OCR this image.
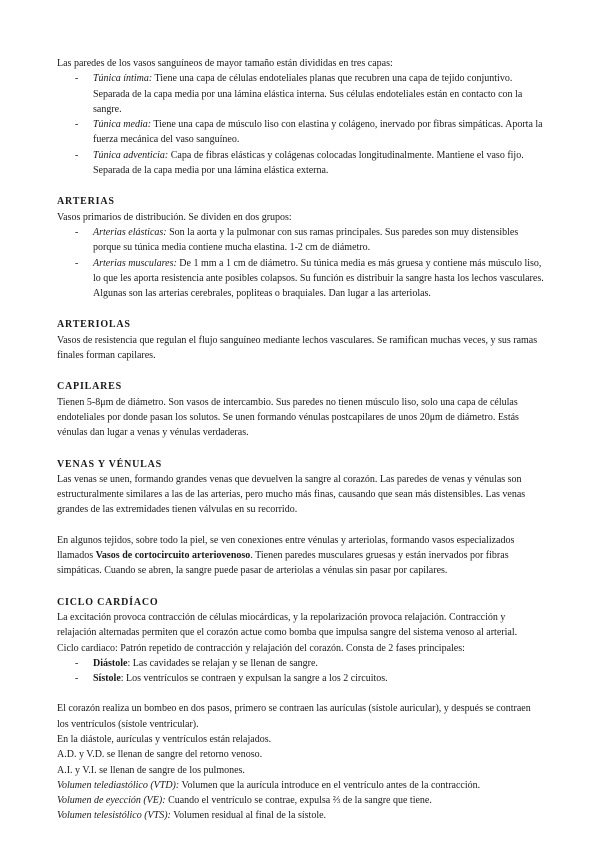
Las paredes de los vasos sanguíneos de mayor tamaño están divididas en tres capas:

- Túnica íntima: Tiene una capa de células endoteliales planas que recubren una capa de tejido conjuntivo. Separada de la capa media por una lámina elástica interna. Sus células endoteliales están en contacto con la sangre.
- Túnica media: Tiene una capa de músculo liso con elastina y colágeno, inervado por fibras simpáticas. Aporta la fuerza mecánica del vaso sanguíneo.
- Túnica adventicia: Capa de fibras elásticas y colágenas colocadas longitudinalmente. Mantiene el vaso fijo. Separada de la capa media por una lámina elástica externa.

ARTERIAS

Vasos primarios de distribución. Se dividen en dos grupos:

- Arterias elásticas: Son la aorta y la pulmonar con sus ramas principales. Sus paredes son muy distensibles porque su túnica media contiene mucha elastina. 1-2 cm de diámetro.
- Arterias musculares: De 1 mm a 1 cm de diámetro. Su túnica media es más gruesa y contiene más músculo liso, lo que les aporta resistencia ante posibles colapsos. Su función es distribuir la sangre hasta los lechos vasculares. Algunas son las arterias cerebrales, popliteas o braquiales. Dan lugar a las arteriolas.

ARTERIOLAS

Vasos de resistencia que regulan el flujo sanguíneo mediante lechos vasculares. Se ramifican muchas veces, y sus ramas finales forman capilares.

CAPILARES

Tienen 5-8μm de diámetro. Son vasos de intercambio. Sus paredes no tienen músculo liso, solo una capa de células endoteliales por donde pasan los solutos. Se unen formando vénulas postcapilares de unos 20μm de diámetro. Estás vénulas dan lugar a venas y vénulas verdaderas.

VENAS Y VÉNULAS

Las venas se unen, formando grandes venas que devuelven la sangre al corazón. Las paredes de venas y vénulas son estructuralmente similares a las de las arterias, pero mucho más finas, causando que sean más distensibles. Las venas grandes de las extremidades tienen válvulas en su recorrido.

En algunos tejidos, sobre todo la piel, se ven conexiones entre vénulas y arteriolas, formando vasos especializados llamados Vasos de cortocircuito arteriovenoso. Tienen paredes musculares gruesas y están inervados por fibras simpáticas. Cuando se abren, la sangre puede pasar de arteriolas a vénulas sin pasar por capilares.

CICLO CARDÍACO

La excitación provoca contracción de células miocárdicas, y la repolarización provoca relajación. Contracción y relajación alternadas permiten que el corazón actue como bomba que impulsa sangre del sistema venoso al arterial.

Ciclo cardiaco: Patrón repetido de contracción y relajación del corazón. Consta de 2 fases principales:

- Diástole: Las cavidades se relajan y se llenan de sangre.
- Sístole: Los ventrículos se contraen y expulsan la sangre a los 2 circuitos.

El corazón realiza un bombeo en dos pasos, primero se contraen las aurículas (sístole auricular), y después se contraen los ventrículos (sístole ventricular).

En la diástole, aurículas y ventrículos están relajados.

A.D. y V.D. se llenan de sangre del retorno venoso.

A.I. y V.I. se llenan de sangre de los pulmones.

Volumen telediastólico (VTD): Volumen que la aurícula introduce en el ventrículo antes de la contracción.

Volumen de eyección (VE): Cuando el ventrículo se contrae, expulsa ⅔ de la sangre que tiene.

Volumen telesistólico (VTS): Volumen residual al final de la sístole.
